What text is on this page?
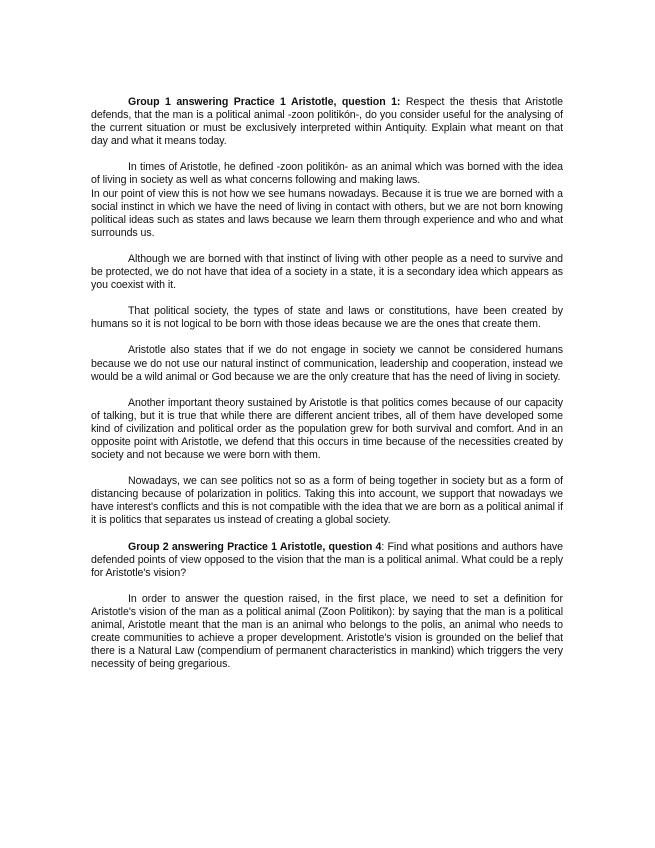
Group 1 answering Practice 1 Aristotle, question 1: Respect the thesis that Aristotle defends, that the man is a political animal -zoon politikón-, do you consider useful for the analysing of the current situation or must be exclusively interpreted within Antiquity. Explain what meant on that day and what it means today.

In times of Aristotle, he defined -zoon politikón- as an animal which was borned with the idea of living in society as well as what concerns following and making laws.

In our point of view this is not how we see humans nowadays. Because it is true we are borned with a social instinct in which we have the need of living in contact with others, but we are not born knowing political ideas such as states and laws because we learn them through experience and who and what surrounds us.

Although we are borned with that instinct of living with other people as a need to survive and be protected, we do not have that idea of a society in a state, it is a secondary idea which appears as you coexist with it.

That political society, the types of state and laws or constitutions, have been created by humans so it is not logical to be born with those ideas because we are the ones that create them.

Aristotle also states that if we do not engage in society we cannot be considered humans because we do not use our natural instinct of communication, leadership and cooperation, instead we would be a wild animal or God because we are the only creature that has the need of living in society.

Another important theory sustained by Aristotle is that politics comes because of our capacity of talking, but it is true that while there are different ancient tribes, all of them have developed some kind of civilization and political order as the population grew for both survival and comfort. And in an opposite point with Aristotle, we defend that this occurs in time because of the necessities created by society and not because we were born with them.

Nowadays, we can see politics not so as a form of being together in society but as a form of distancing because of polarization in politics. Taking this into account, we support that nowadays we have interest's conflicts and this is not compatible with the idea that we are born as a political animal if it is politics that separates us instead of creating a global society.

Group 2 answering Practice 1 Aristotle, question 4: Find what positions and authors have defended points of view opposed to the vision that the man is a political animal. What could be a reply for Aristotle's vision?

In order to answer the question raised, in the first place, we need to set a definition for Aristotle's vision of the man as a political animal (Zoon Politikon): by saying that the man is a political animal, Aristotle meant that the man is an animal who belongs to the polis, an animal who needs to create communities to achieve a proper development. Aristotle's vision is grounded on the belief that there is a Natural Law (compendium of permanent characteristics in mankind) which triggers the very necessity of being gregarious.
